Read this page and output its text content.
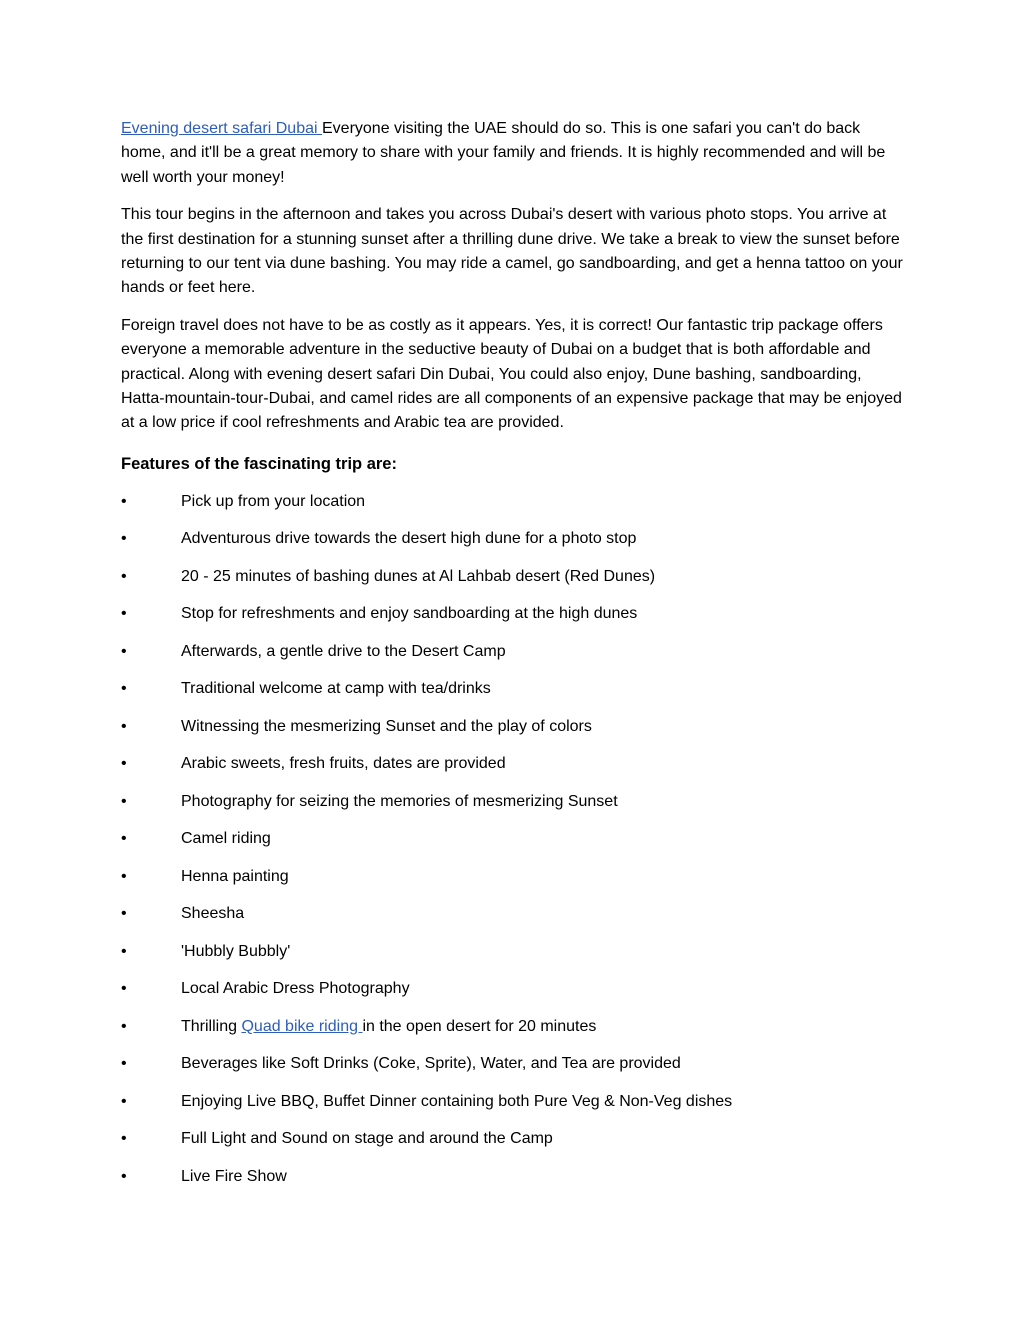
Evening desert safari Dubai Everyone visiting the UAE should do so. This is one safari you can't do back home, and it'll be a great memory to share with your family and friends. It is highly recommended and will be well worth your money!

This tour begins in the afternoon and takes you across Dubai's desert with various photo stops. You arrive at the first destination for a stunning sunset after a thrilling dune drive. We take a break to view the sunset before returning to our tent via dune bashing. You may ride a camel, go sandboarding, and get a henna tattoo on your hands or feet here.

Foreign travel does not have to be as costly as it appears. Yes, it is correct! Our fantastic trip package offers everyone a memorable adventure in the seductive beauty of Dubai on a budget that is both affordable and practical. Along with evening desert safari Din Dubai, You could also enjoy, Dune bashing, sandboarding, Hatta-mountain-tour-Dubai, and camel rides are all components of an expensive package that may be enjoyed at a low price if cool refreshments and Arabic tea are provided.

Features of the fascinating trip are:
•	Pick up from your location
•	Adventurous drive towards the desert high dune for a photo stop
•	20 - 25 minutes of bashing dunes at Al Lahbab desert (Red Dunes)
•	Stop for refreshments and enjoy sandboarding at the high dunes
•	Afterwards, a gentle drive to the Desert Camp
•	Traditional welcome at camp with tea/drinks
•	Witnessing the mesmerizing Sunset and the play of colors
•	Arabic sweets, fresh fruits, dates are provided
•	Photography for seizing the memories of mesmerizing Sunset
•	Camel riding
•	Henna painting
•	Sheesha
•	'Hubbly Bubbly'
•	Local Arabic Dress Photography
•	Thrilling Quad bike riding in the open desert for 20 minutes
•	Beverages like Soft Drinks (Coke, Sprite), Water, and Tea are provided
•	Enjoying Live BBQ, Buffet Dinner containing both Pure Veg & Non-Veg dishes
•	Full Light and Sound on stage and around the Camp
•	Live Fire Show
